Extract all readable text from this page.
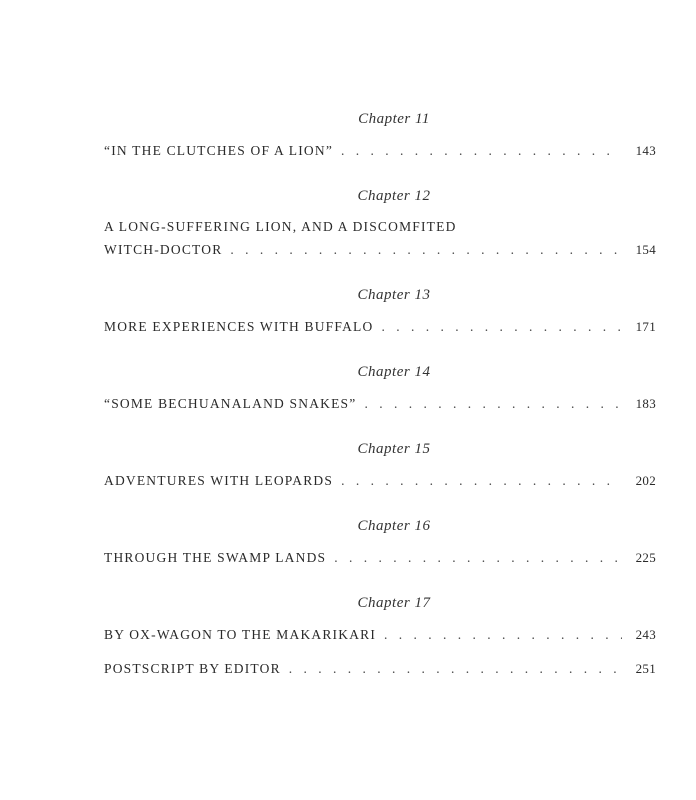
Chapter 11
“IN THE CLUTCHES OF A LION” . . .	143
Chapter 12
A LONG-SUFFERING LION, AND A DISCOMFITED
WITCH-DOCTOR . . .	154
Chapter 13
MORE EXPERIENCES WITH BUFFALO . . .	171
Chapter 14
“SOME BECHUANALAND SNAKES” . . .	183
Chapter 15
ADVENTURES WITH LEOPARDS . . .	202
Chapter 16
THROUGH THE SWAMP LANDS . . .	225
Chapter 17
BY OX-WAGON TO THE MAKARIKARI . . .	243
POSTSCRIPT BY EDITOR . . .	251
